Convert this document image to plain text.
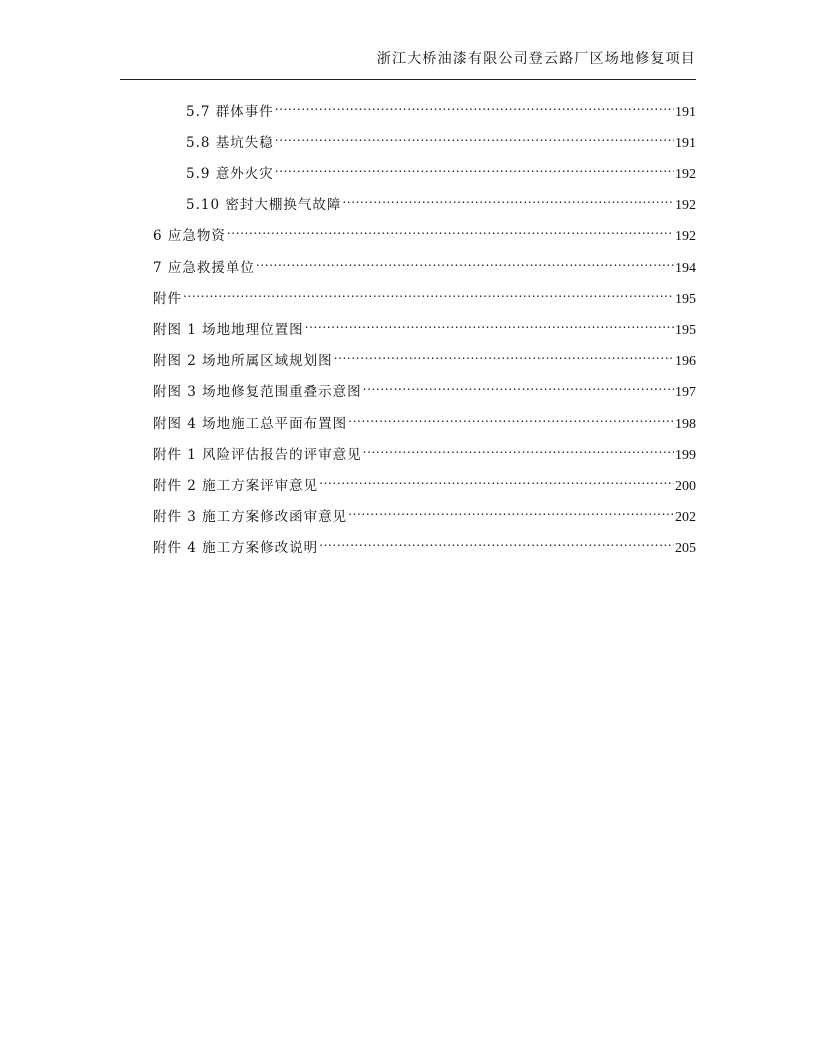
浙江大桥油漆有限公司登云路厂区场地修复项目
5.7 群体事件 .....	191
5.8 基坑失稳 .....	191
5.9 意外火灾 .....	192
5.10 密封大棚换气故障 .....	192
6 应急物资 .....	192
7 应急救援单位 .....	194
附件 .....	195
附图 1 场地地理位置图 .....	195
附图 2 场地所属区域规划图 .....	196
附图 3 场地修复范围重叠示意图 .....	197
附图 4 场地施工总平面布置图 .....	198
附件 1 风险评估报告的评审意见 .....	199
附件 2 施工方案评审意见 .....	200
附件 3 施工方案修改函审意见 .....	202
附件 4 施工方案修改说明 .....	205
